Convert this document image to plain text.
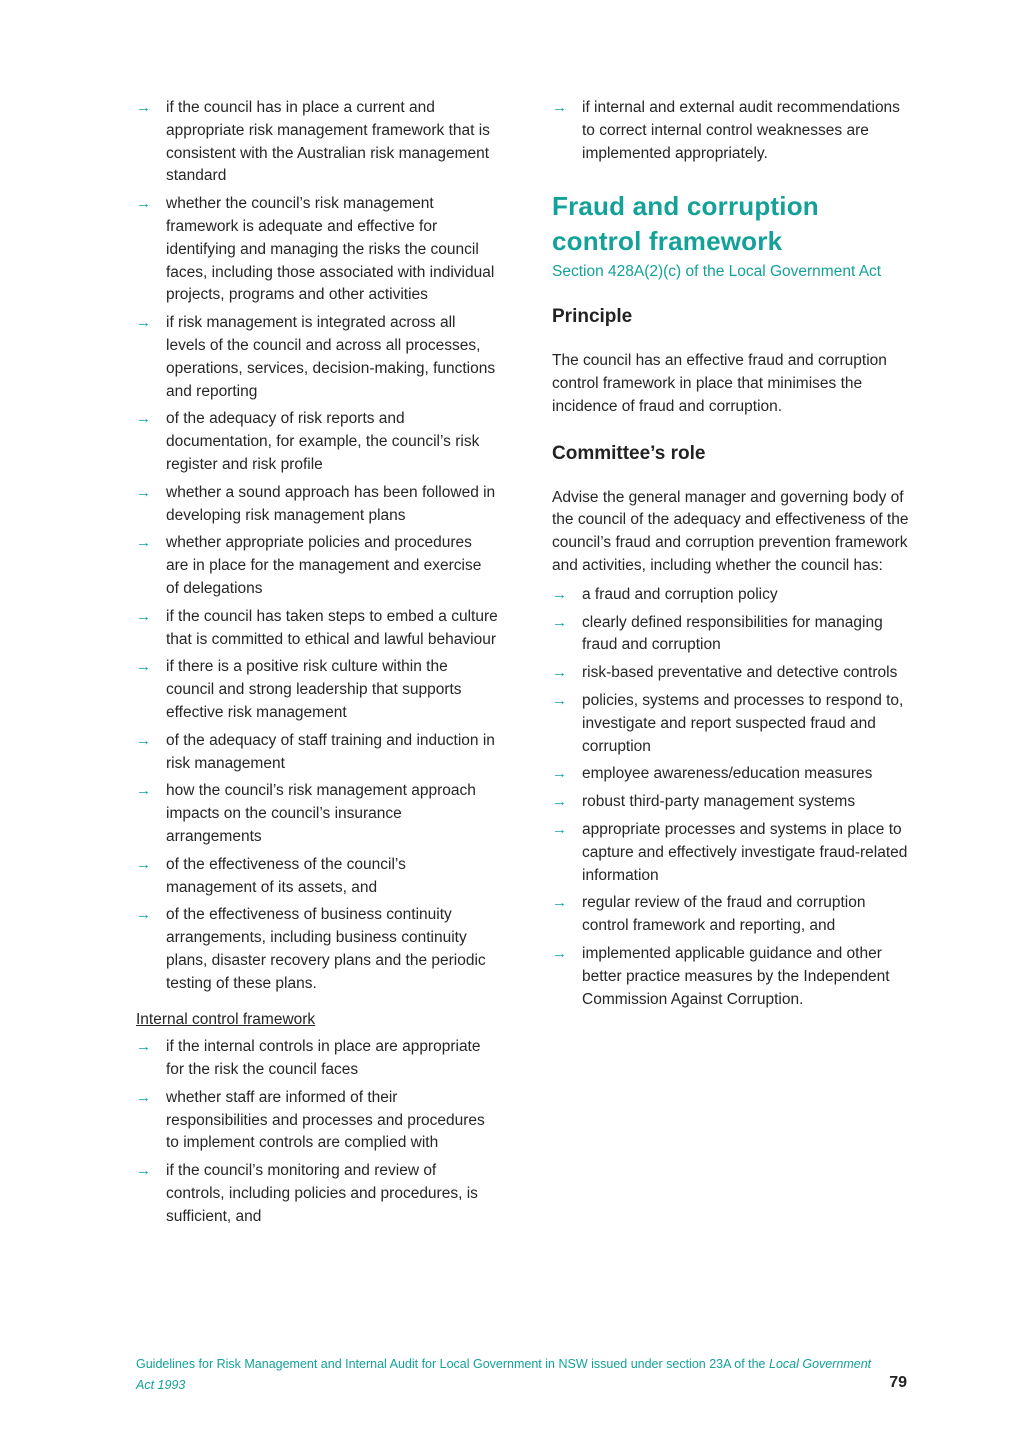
→ if the council has in place a current and appropriate risk management framework that is consistent with the Australian risk management standard
→ whether the council’s risk management framework is adequate and effective for identifying and managing the risks the council faces, including those associated with individual projects, programs and other activities
→ if risk management is integrated across all levels of the council and across all processes, operations, services, decision-making, functions and reporting
→ of the adequacy of risk reports and documentation, for example, the council’s risk register and risk profile
→ whether a sound approach has been followed in developing risk management plans
→ whether appropriate policies and procedures are in place for the management and exercise of delegations
→ if the council has taken steps to embed a culture that is committed to ethical and lawful behaviour
→ if there is a positive risk culture within the council and strong leadership that supports effective risk management
→ of the adequacy of staff training and induction in risk management
→ how the council’s risk management approach impacts on the council’s insurance arrangements
→ of the effectiveness of the council’s management of its assets, and
→ of the effectiveness of business continuity arrangements, including business continuity plans, disaster recovery plans and the periodic testing of these plans.
Internal control framework
→ if the internal controls in place are appropriate for the risk the council faces
→ whether staff are informed of their responsibilities and processes and procedures to implement controls are complied with
→ if the council’s monitoring and review of controls, including policies and procedures, is sufficient, and
→ if internal and external audit recommendations to correct internal control weaknesses are implemented appropriately.
Fraud and corruption control framework
Section 428A(2)(c) of the Local Government Act
Principle

The council has an effective fraud and corruption control framework in place that minimises the incidence of fraud and corruption.

Committee’s role

Advise the general manager and governing body of the council of the adequacy and effectiveness of the council’s fraud and corruption prevention framework and activities, including whether the council has:

→ a fraud and corruption policy
→ clearly defined responsibilities for managing fraud and corruption
→ risk-based preventative and detective controls
→ policies, systems and processes to respond to, investigate and report suspected fraud and corruption
→ employee awareness/education measures
→ robust third-party management systems
→ appropriate processes and systems in place to capture and effectively investigate fraud-related information
→ regular review of the fraud and corruption control framework and reporting, and
→ implemented applicable guidance and other better practice measures by the Independent Commission Against Corruption.
Guidelines for Risk Management and Internal Audit for Local Government in NSW issued under section 23A of the Local Government Act 1993	79
